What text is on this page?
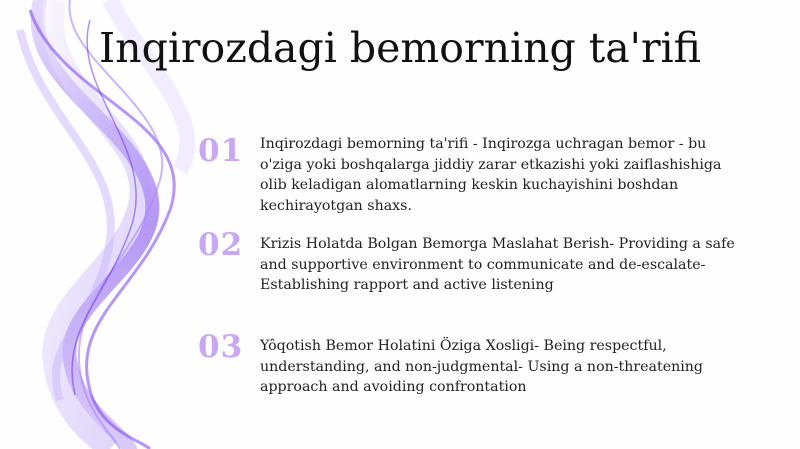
Inqirozdagi bemorning ta'rifi
01 Inqirozdagi bemorning ta'rifi - Inqirozga uchragan bemor - bu o'ziga yoki boshqalarga jiddiy zarar etkazishi yoki zaiflashishiga olib keladigan alomatlarning keskin kuchayishini boshdan kechirayotgan shaxs.
02 Krizis Holatda Bolgan Bemorga Maslahat Berish- Providing a safe and supportive environment to communicate and de-escalate- Establishing rapport and active listening
03 Yôqotish Bemor Holatini Öziga Xosligi- Being respectful, understanding, and non-judgmental- Using a non-threatening approach and avoiding confrontation
